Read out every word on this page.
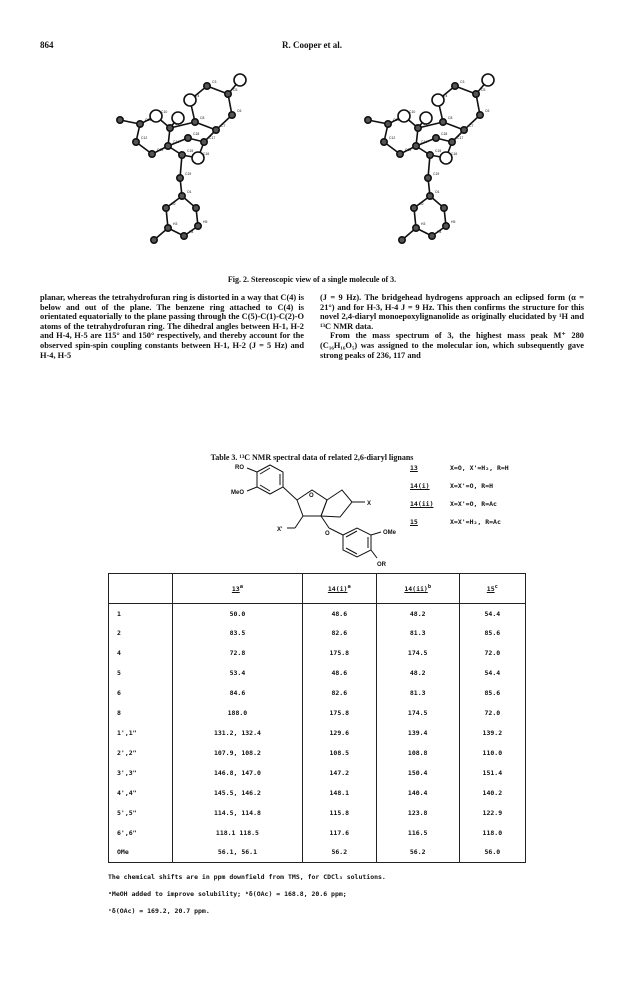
864	R. Cooper et al.
C4
C3
C5
C6
C7
C8
C10
C11
C12
C13
C14
C15
C16
C17
C18
C19
O1
O2
H3
H4
H5
C4
C3
C5
C6
C7
C8
C10
C11
C12
C13
C14
C15
C16
C17
C18
C19
O1
O2
H3
H4
H5
Fig. 2. Stereoscopic view of a single molecule of 3.

planar, whereas the tetrahydrofuran ring is distorted in a way that C(4) is below and out of the plane. The benzene ring attached to C(4) is orientated equatorially to the plane passing through the C(5)-C(1)-C(2)-O atoms of the tetrahydrofuran ring. The dihedral angles between H-1, H-2 and H-4, H-5 are 115° and 150° respectively, and thereby account for the observed spin-spin coupling constants between H-1, H-2 (J = 5 Hz) and H-4, H-5

(J = 9 Hz). The bridgehead hydrogens approach an eclipsed form (α = 21°) and for H-3, H-4 J = 9 Hz. This then confirms the structure for this novel 2,4-diaryl monoepoxylignanolide as originally elucidated by ¹H and ¹³C NMR data.

From the mass spectrum of 3, the highest mass peak M⁺ 280 (C₁₆H₁₆O₅) was assigned to the molecular ion, which subsequently gave strong peaks of 236, 117 and

Table 3. ¹³C NMR spectral data of related 2,6-diaryl lignans
RO
MeO	O
X
X'
O	OMe
OR
13	X=O, X'=H₂, R=H
14(i)	X=X'=O, R=H
14(ii)	X=X'=O, R=Ac
15	X=X'=H₂, R=Ac
	13$^a$	$14(i)^a$	14(ii)$^b$	15$^c$
1	50.0	48.6	48.2	54.4
2	83.5	82.6	81.3	85.6
4	72.8	175.8	174.5	72.0
5	53.4	48.6	48.2	54.4
6	84.6	82.6	81.3	85.6
8	188.0	175.8	174.5	72.0
1',1"	131.2, 132.4	129.6	139.4	139.2
2',2"	107.9, 108.2	108.5	108.8	110.0
3',3"	146.8, 147.0	147.2	150.4	151.4
4',4"	145.5, 146.2	148.1	140.4	140.2
5',5"	114.5, 114.8	115.8	123.8	122.9
6',6"	118.1 118.5	117.6	116.5	118.0
OMe	56.1, 56.1	56.2	56.2	56.0
The chemical shifts are in ppm downfield from TMS, for CDCl₃ solutions.
ᵃMeOH added to improve solubility; ᵇδ(OAc) = 168.8, 20.6 ppm;
ᶜδ(OAc) = 169.2, 20.7 ppm.
